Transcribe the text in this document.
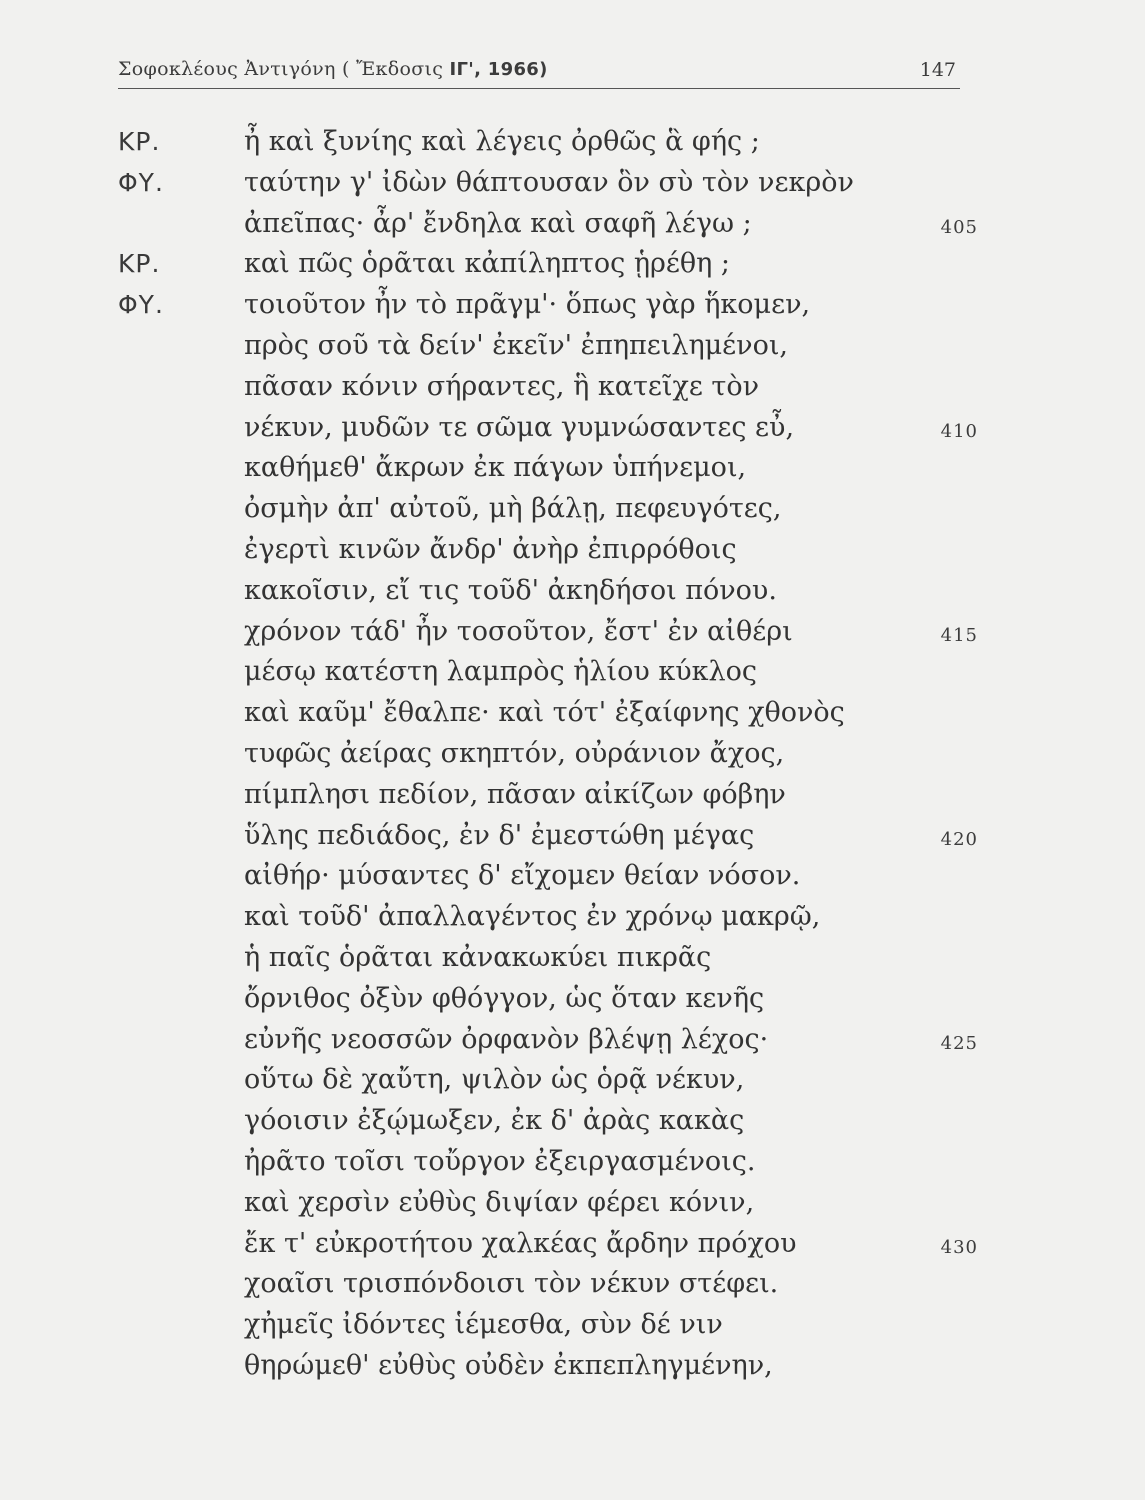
Σοφοκλέους Ἀντιγόνη ( Ἔκδοσις ΙΓ', 1966)	147
ΚΡ.	ἦ καὶ ξυνίης καὶ λέγεις ὀρθῶς ἃ φής ;
ΦΥ.	ταύτην γ' ἰδὼν θάπτουσαν ὃν σὺ τὸν νεκρὸν
ἀπεῖπας· ἆρ' ἔνδηλα καὶ σαφῆ λέγω ;	405
ΚΡ.	καὶ πῶς ὁρᾶται κἀπίληπτος ᾑρέθη ;
ΦΥ.	τοιοῦτον ἦν τὸ πρᾶγμ'· ὅπως γὰρ ἥκομεν,
πρὸς σοῦ τὰ δείν' ἐκεῖν' ἐπηπειλημένοι,
πᾶσαν κόνιν σήραντες, ἣ κατεῖχε τὸν
νέκυν, μυδῶν τε σῶμα γυμνώσαντες εὖ,	410
καθήμεθ' ἄκρων ἐκ πάγων ὑπήνεμοι,
ὀσμὴν ἀπ' αὐτοῦ, μὴ βάλῃ, πεφευγότες,
ἐγερτὶ κινῶν ἄνδρ' ἀνὴρ ἐπιρρόθοις
κακοῖσιν, εἴ τις τοῦδ' ἀκηδήσοι πόνου.
χρόνον τάδ' ἦν τοσοῦτον, ἔστ' ἐν αἰθέρι	415
μέσῳ κατέστη λαμπρὸς ἡλίου κύκλος
καὶ καῦμ' ἔθαλπε· καὶ τότ' ἐξαίφνης χθονὸς
τυφῶς ἀείρας σκηπτόν, οὐράνιον ἄχος,
πίμπλησι πεδίον, πᾶσαν αἰκίζων φόβην
ὕλης πεδιάδος, ἐν δ' ἐμεστώθη μέγας	420
αἰθήρ· μύσαντες δ' εἴχομεν θείαν νόσον.
καὶ τοῦδ' ἀπαλλαγέντος ἐν χρόνῳ μακρῷ,
ἡ παῖς ὁρᾶται κἀνακωκύει πικρᾶς
ὄρνιθος ὀξὺν φθόγγον, ὡς ὅταν κενῆς
εὐνῆς νεοσσῶν ὀρφανὸν βλέψῃ λέχος·	425
οὕτω δὲ χαὔτη, ψιλὸν ὡς ὁρᾷ νέκυν,
γόοισιν ἐξῴμωξεν, ἐκ δ' ἀρὰς κακὰς
ἠρᾶτο τοῖσι τοὔργον ἐξειργασμένοις.
καὶ χερσὶν εὐθὺς διψίαν φέρει κόνιν,
ἔκ τ' εὐκροτήτου χαλκέας ἄρδην πρόχου	430
χοαῖσι τρισπόνδοισι τὸν νέκυν στέφει.
χἠμεῖς ἰδόντες ἱέμεσθα, σὺν δέ νιν
θηρώμεθ' εὐθὺς οὐδὲν ἐκπεπληγμένην,
